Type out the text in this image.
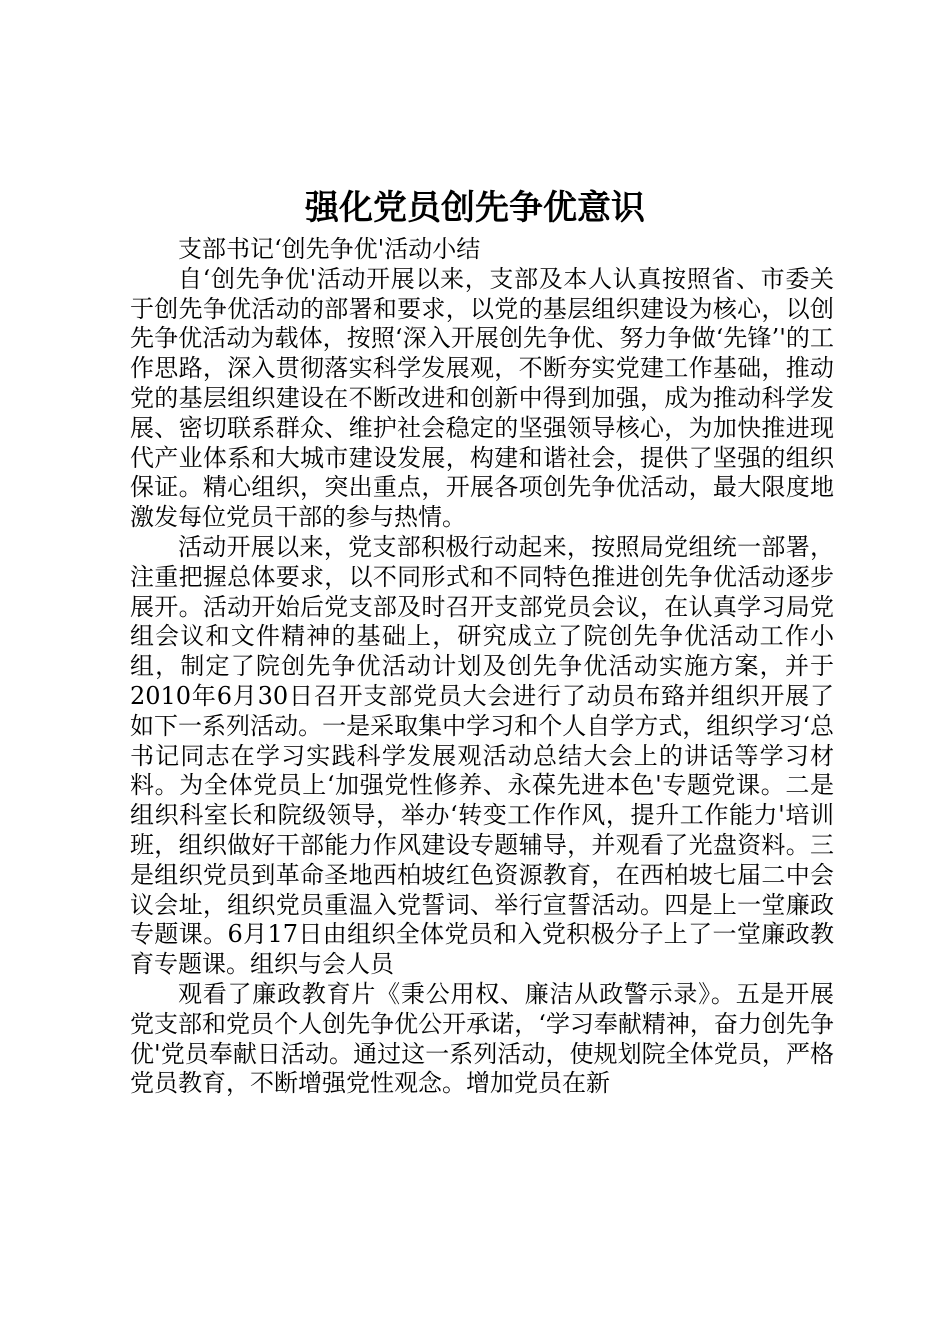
强化党员创先争优意识

支部书记‘创先争优'活动小结

自‘创先争优'活动开展以来，支部及本人认真按照省、市委关于创先争优活动的部署和要求，以党的基层组织建设为核心，以创先争优活动为载体，按照‘深入开展创先争优、努力争做‘先锋’'的工作思路，深入贯彻落实科学发展观，不断夯实党建工作基础，推动党的基层组织建设在不断改进和创新中得到加强，成为推动科学发展、密切联系群众、维护社会稳定的坚强领导核心，为加快推进现代产业体系和大城市建设发展，构建和谐社会，提供了坚强的组织保证。精心组织，突出重点，开展各项创先争优活动，最大限度地激发每位党员干部的参与热情。

活动开展以来，党支部积极行动起来，按照局党组统一部署，注重把握总体要求，以不同形式和不同特色推进创先争优活动逐步展开。活动开始后党支部及时召开支部党员会议，在认真学习局党组会议和文件精神的基础上，研究成立了院创先争优活动工作小组，制定了院创先争优活动计划及创先争优活动实施方案，并于2010年6月30日召开支部党员大会进行了动员布臵并组织开展了如下一系列活动。一是采取集中学习和个人自学方式，组织学习‘总书记同志在学习实践科学发展观活动总结大会上的讲话等学习材料。为全体党员上‘加强党性修养、永葆先进本色'专题党课。二是组织科室长和院级领导，举办‘转变工作作风，提升工作能力'培训班，组织做好干部能力作风建设专题辅导，并观看了光盘资料。三是组织党员到革命圣地西柏坡红色资源教育，在西柏坡七届二中会议会址，组织党员重温入党誓词、举行宣誓活动。四是上一堂廉政专题课。6月17日由组织全体党员和入党积极分子上了一堂廉政教育专题课。组织与会人员

观看了廉政教育片《秉公用权、廉洁从政警示录》。五是开展党支部和党员个人创先争优公开承诺，‘学习奉献精神，奋力创先争优'党员奉献日活动。通过这一系列活动，使规划院全体党员，严格党员教育，不断增强党性观念。增加党员在新
